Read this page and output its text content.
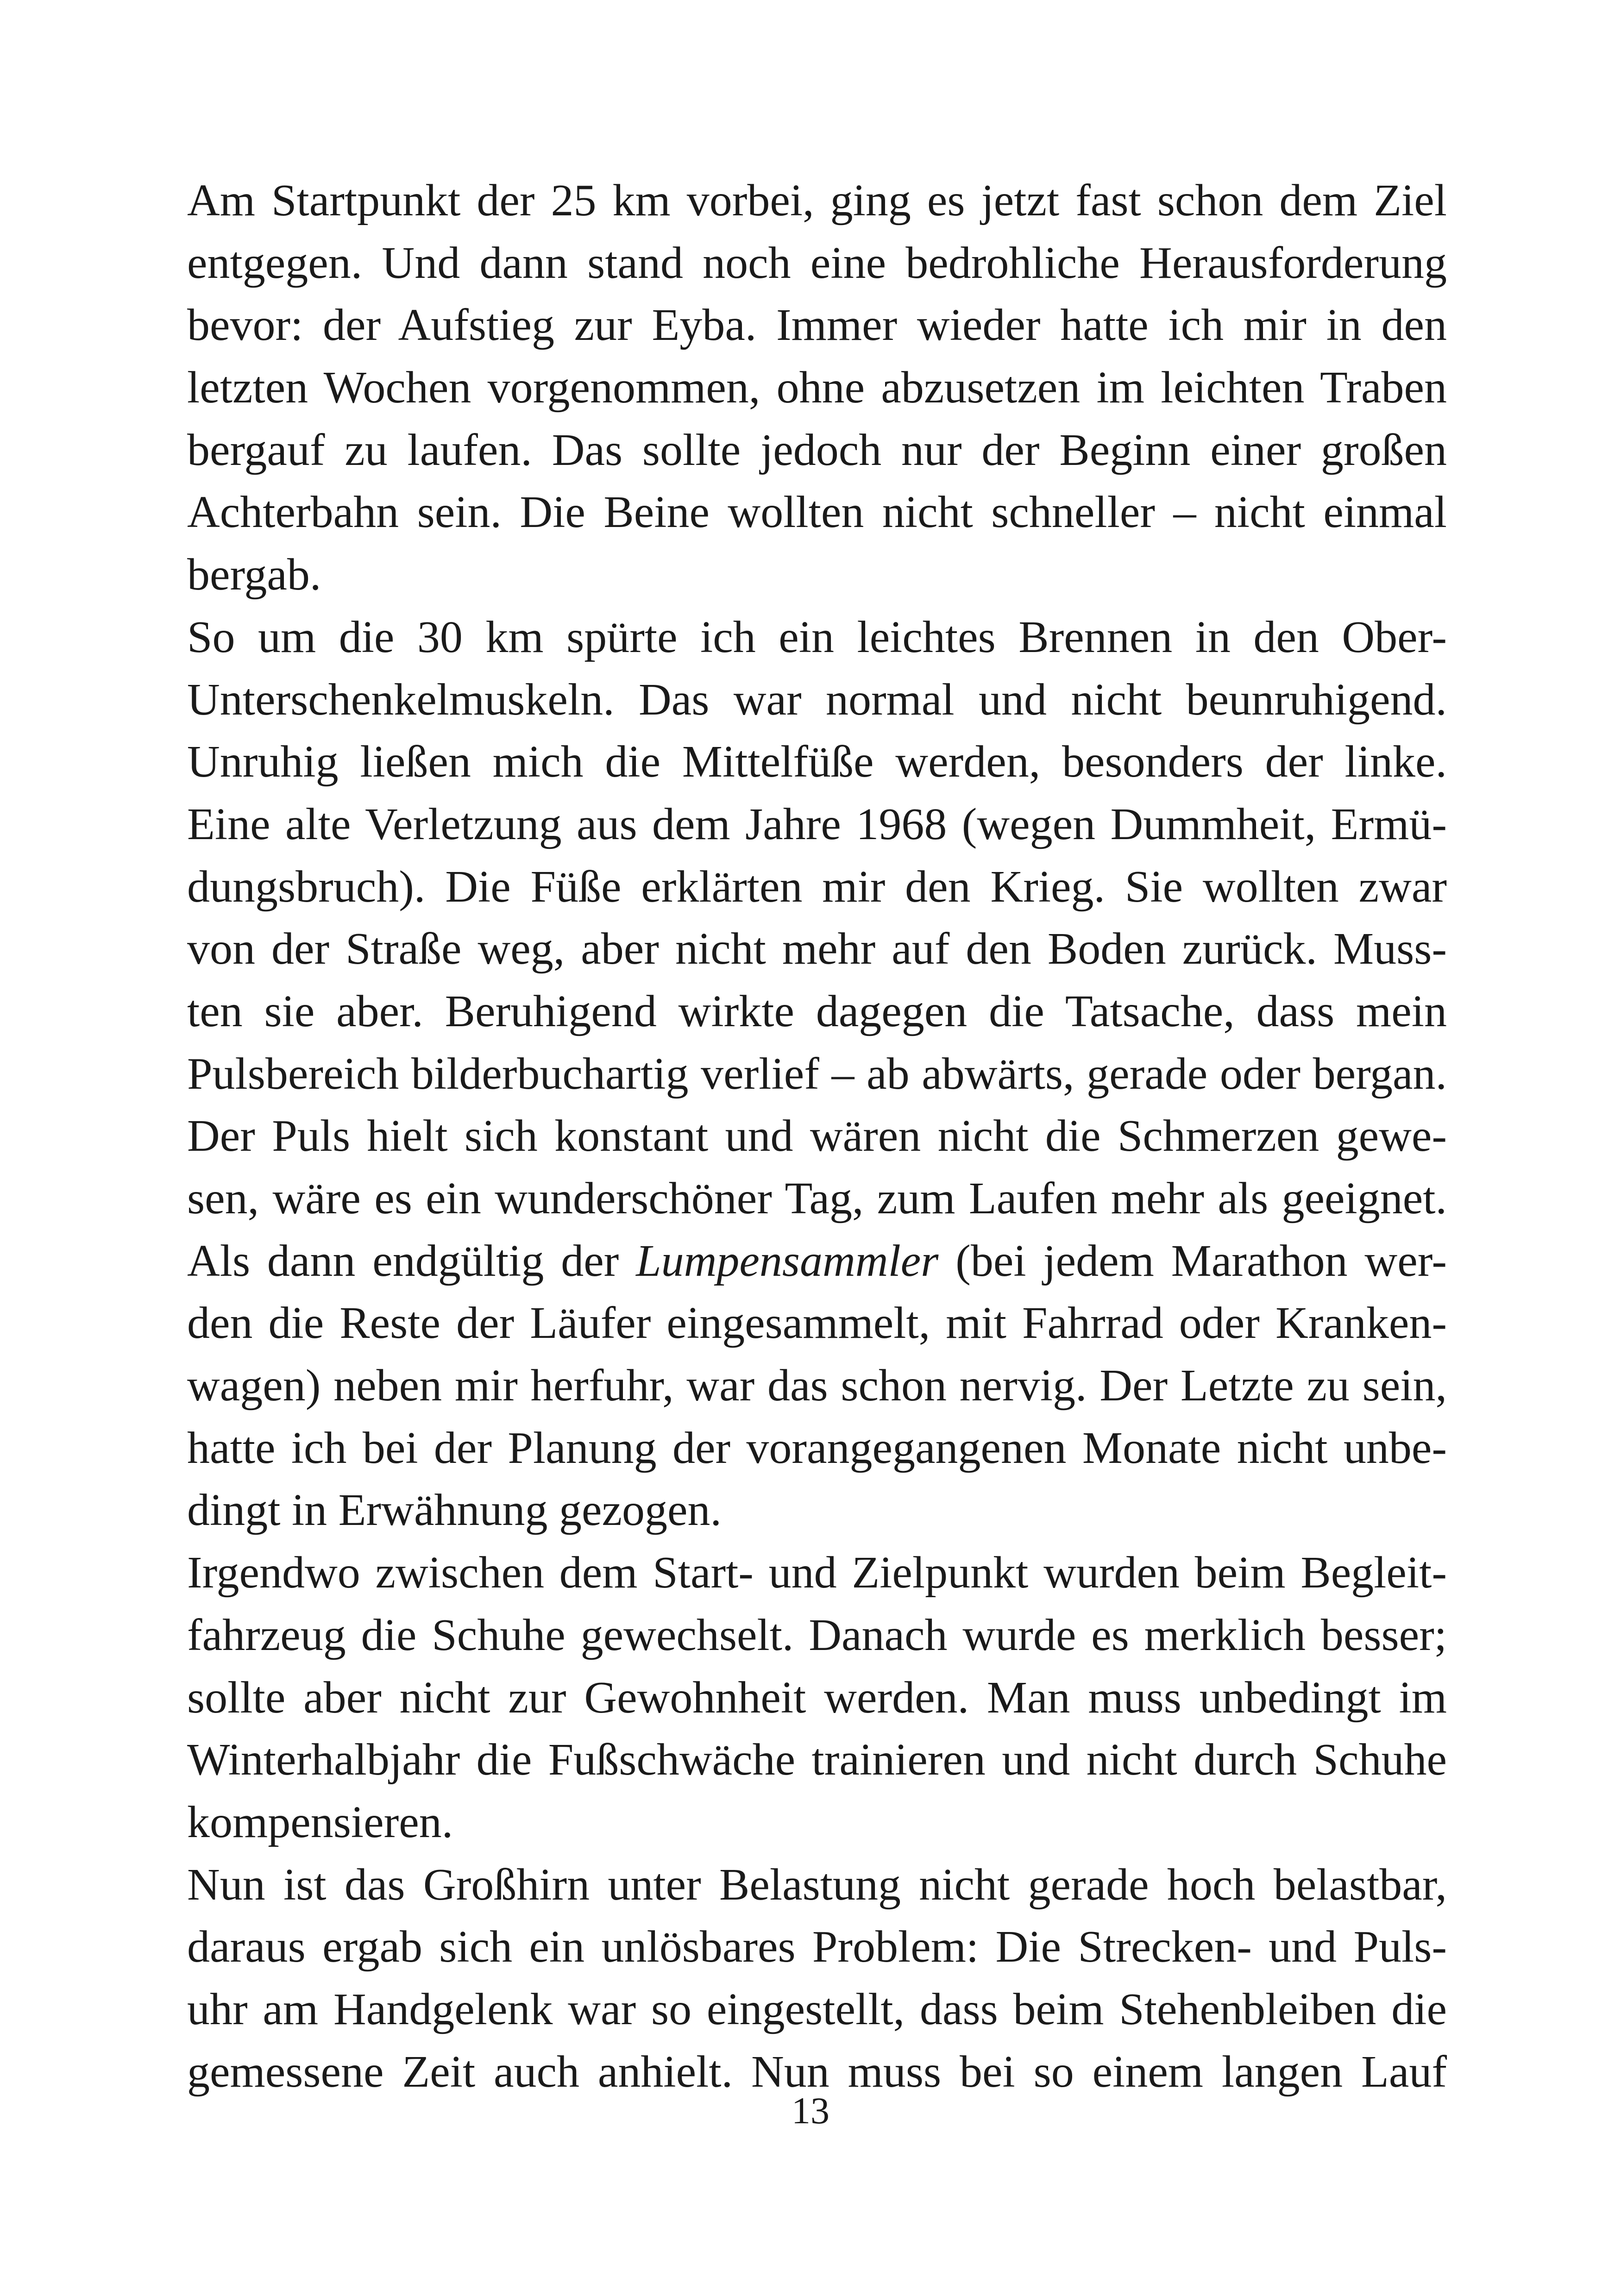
Am Startpunkt der 25 km vorbei, ging es jetzt fast schon dem Ziel
entgegen. Und dann stand noch eine bedrohliche Herausforderung
bevor: der Aufstieg zur Eyba. Immer wieder hatte ich mir in den
letzten Wochen vorgenommen, ohne abzusetzen im leichten Traben
bergauf zu laufen. Das sollte jedoch nur der Beginn einer großen
Achterbahn sein. Die Beine wollten nicht schneller – nicht einmal
bergab.
So um die 30 km spürte ich ein leichtes Brennen in den Ober-
Unterschenkelmuskeln. Das war normal und nicht beunruhigend.
Unruhig ließen mich die Mittelfüße werden, besonders der linke.
Eine alte Verletzung aus dem Jahre 1968 (wegen Dummheit, Ermü-
dungsbruch). Die Füße erklärten mir den Krieg. Sie wollten zwar
von der Straße weg, aber nicht mehr auf den Boden zurück. Muss-
ten sie aber. Beruhigend wirkte dagegen die Tatsache, dass mein
Pulsbereich bilderbuchartig verlief – ab abwärts, gerade oder bergan.
Der Puls hielt sich konstant und wären nicht die Schmerzen gewe-
sen, wäre es ein wunderschöner Tag, zum Laufen mehr als geeignet.
Als dann endgültig der Lumpensammler (bei jedem Marathon wer-
den die Reste der Läufer eingesammelt, mit Fahrrad oder Kranken-
wagen) neben mir herfuhr, war das schon nervig. Der Letzte zu sein,
hatte ich bei der Planung der vorangegangenen Monate nicht unbe-
dingt in Erwähnung gezogen.
Irgendwo zwischen dem Start- und Zielpunkt wurden beim Begleit-
fahrzeug die Schuhe gewechselt. Danach wurde es merklich besser;
sollte aber nicht zur Gewohnheit werden. Man muss unbedingt im
Winterhalbjahr die Fußschwäche trainieren und nicht durch Schuhe
kompensieren.
Nun ist das Großhirn unter Belastung nicht gerade hoch belastbar,
daraus ergab sich ein unlösbares Problem: Die Strecken- und Puls-
uhr am Handgelenk war so eingestellt, dass beim Stehenbleiben die
gemessene Zeit auch anhielt. Nun muss bei so einem langen Lauf
13
